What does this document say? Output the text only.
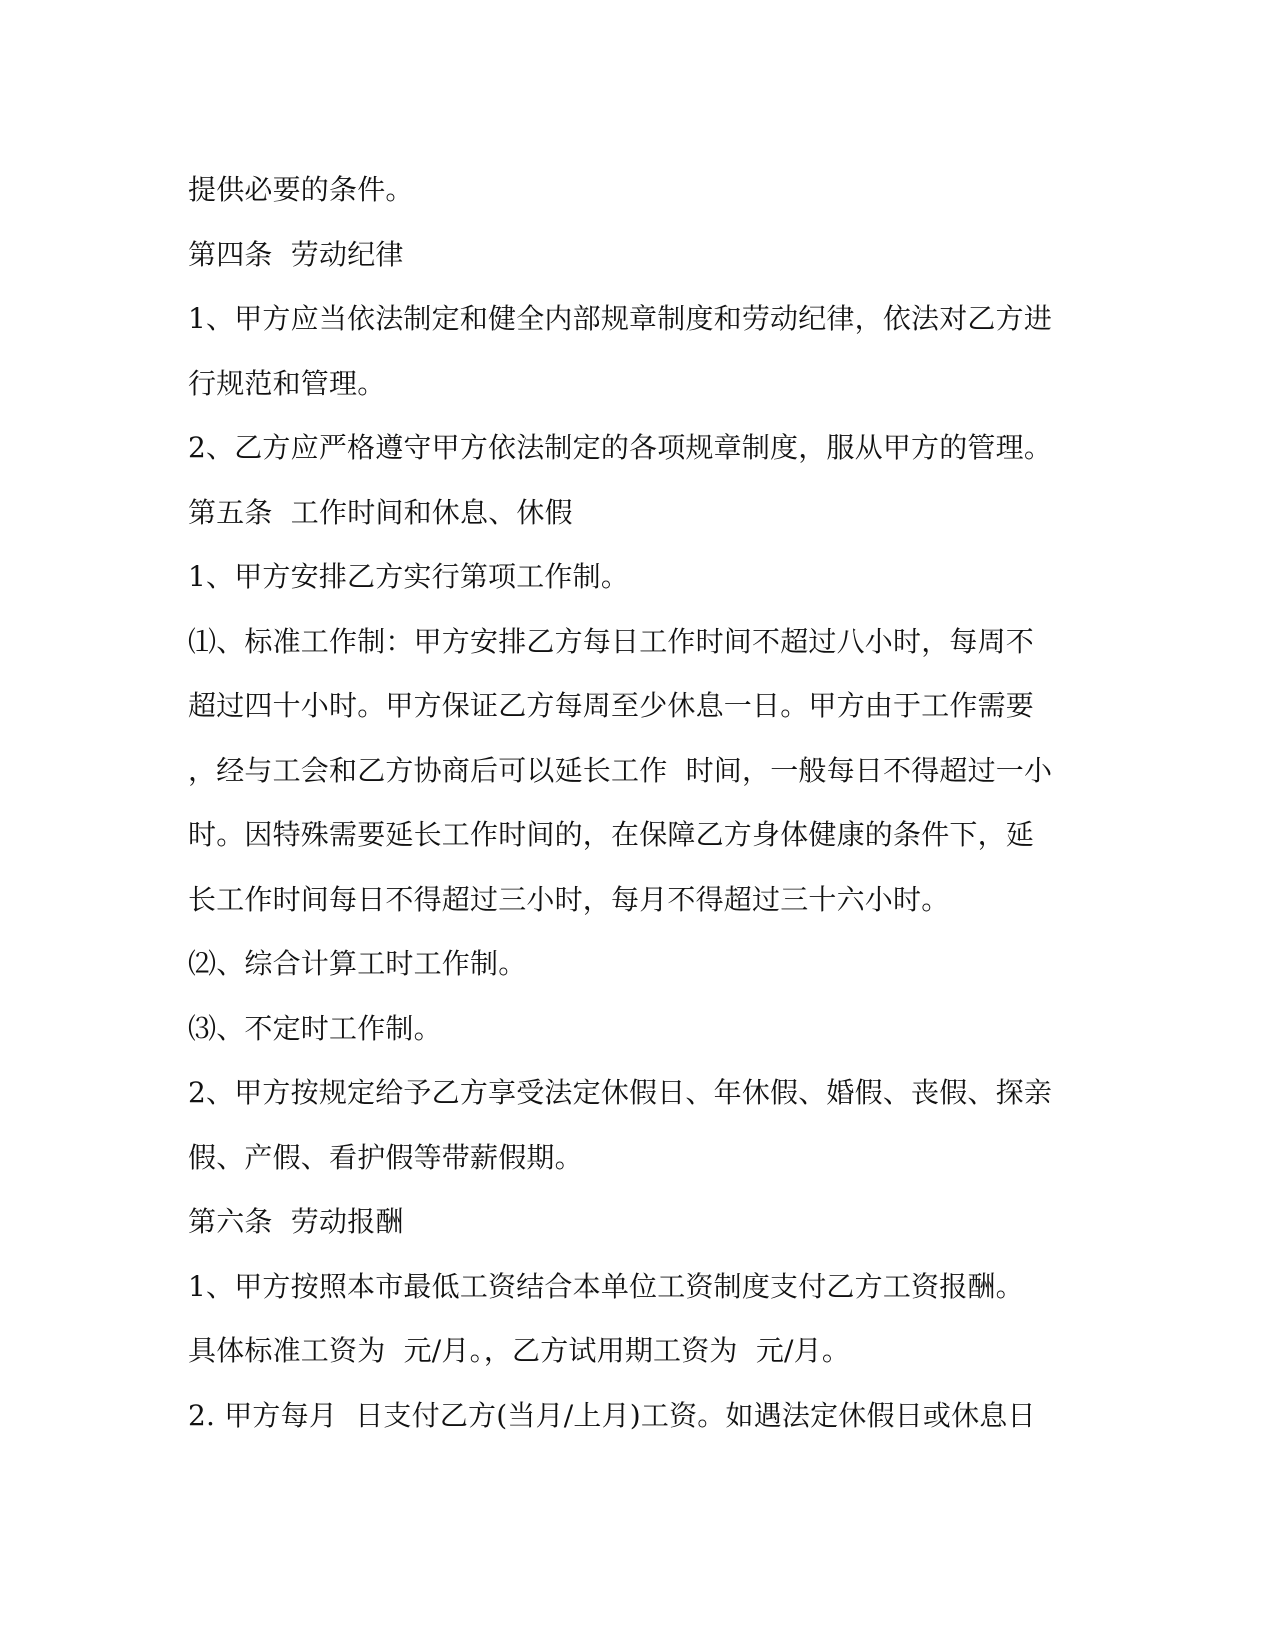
提供必要的条件。
第四条  劳动纪律
1、甲方应当依法制定和健全内部规章制度和劳动纪律，依法对乙方进
行规范和管理。
2、乙方应严格遵守甲方依法制定的各项规章制度，服从甲方的管理。
第五条  工作时间和休息、休假
1、甲方安排乙方实行第项工作制。
⑴、标准工作制：甲方安排乙方每日工作时间不超过八小时，每周不
超过四十小时。甲方保证乙方每周至少休息一日。甲方由于工作需要
，经与工会和乙方协商后可以延长工作  时间，一般每日不得超过一小
时。因特殊需要延长工作时间的，在保障乙方身体健康的条件下，延
长工作时间每日不得超过三小时，每月不得超过三十六小时。
⑵、综合计算工时工作制。
⑶、不定时工作制。
2、甲方按规定给予乙方享受法定休假日、年休假、婚假、丧假、探亲
假、产假、看护假等带薪假期。
第六条  劳动报酬
1、甲方按照本市最低工资结合本单位工资制度支付乙方工资报酬。
具体标准工资为  元/月。，乙方试用期工资为  元/月。
2. 甲方每月  日支付乙方(当月/上月)工资。如遇法定休假日或休息日
